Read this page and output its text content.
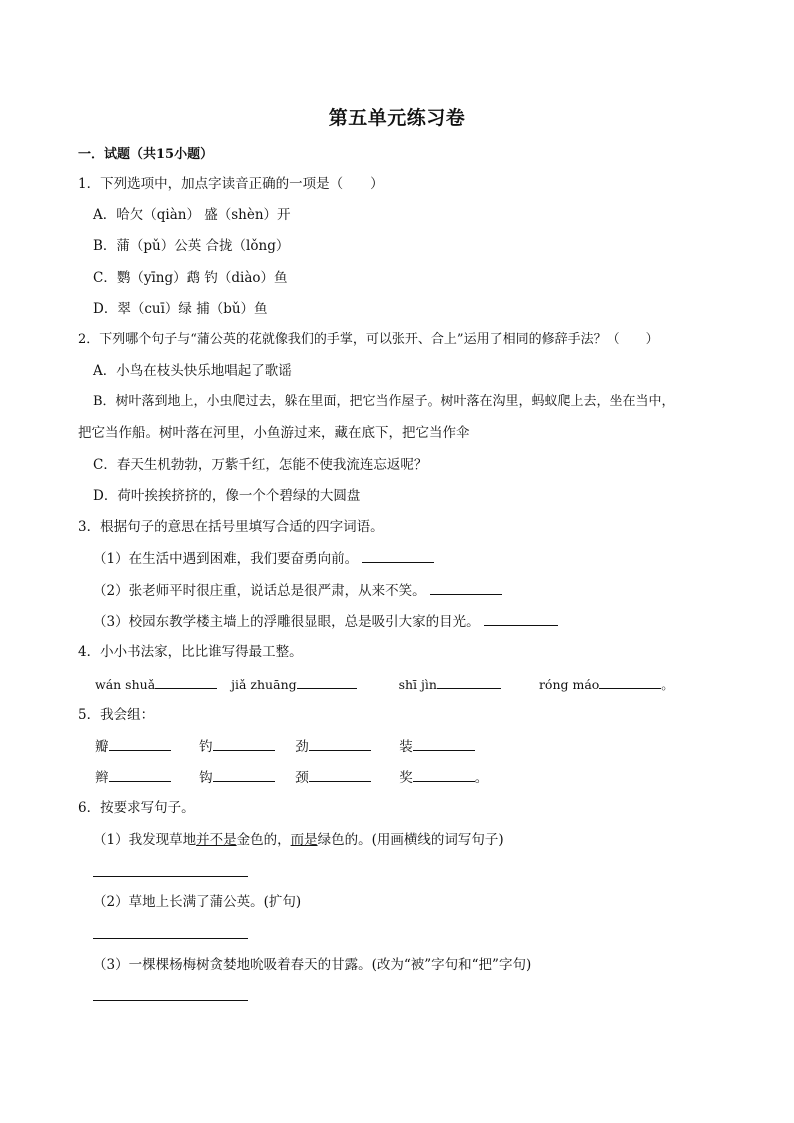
第五单元练习卷
一．试题（共15小题）
1．下列选项中，加点字读音正确的一项是（　　）
A．哈欠（qiàn） 盛（shèn）开
B．蒲（pǔ）公英 合拢（lǒng）
C．鹦（yīng）鹉 钓（diào）鱼
D．翠（cuī）绿 捕（bǔ）鱼
2．下列哪个句子与“蒲公英的花就像我们的手掌，可以张开、合上”运用了相同的修辞手法？（　　）
A．小鸟在枝头快乐地唱起了歌谣
B．树叶落到地上，小虫爬过去，躲在里面，把它当作屋子。树叶落在沟里，蚂蚁爬上去，坐在当中，
把它当作船。树叶落在河里，小鱼游过来，藏在底下，把它当作伞
C．春天生机勃勃，万紫千红，怎能不使我流连忘返呢？
D．荷叶挨挨挤挤的，像一个个碧绿的大圆盘
3．根据句子的意思在括号里填写合适的四字词语。
（1）在生活中遇到困难，我们要奋勇向前。
（2）张老师平时很庄重，说话总是很严肃，从来不笑。
（3）校园东教学楼主墙上的浮雕很显眼，总是吸引大家的目光。
4．小小书法家，比比谁写得最工整。
wán shuǎ	jiǎ zhuāng	shī jìn	róng máo	。
5．我会组：
瓣	钓	劲	装
辫	钩	颈	奖	。
6．按要求写句子。
（1）我发现草地并不是金色的，而是绿色的。(用画横线的词写句子)
（2）草地上长满了蒲公英。(扩句)
（3）一棵棵杨梅树贪婪地吮吸着春天的甘露。(改为“被”字句和“把”字句)
